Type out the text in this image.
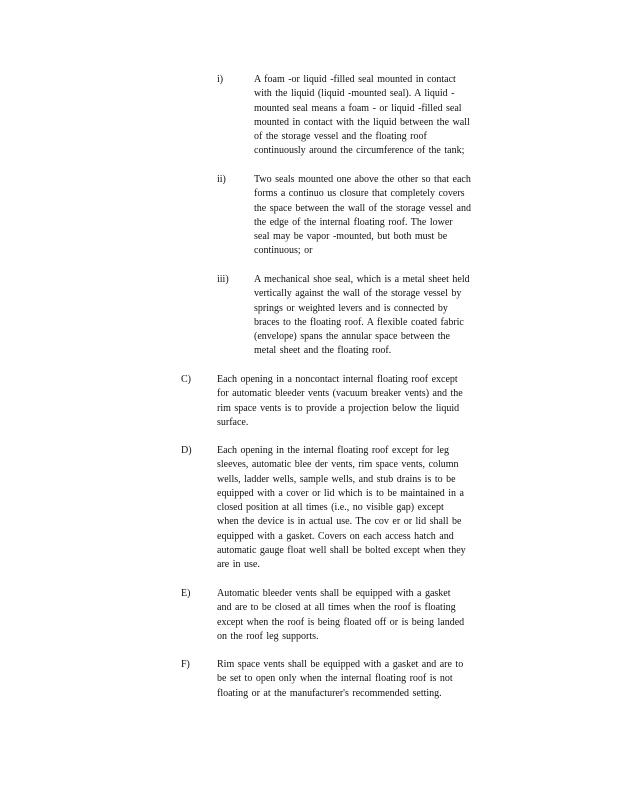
i)	A foam -or liquid -filled seal mounted in contact
with the liquid (liquid -mounted seal). A liquid -
mounted seal means a foam - or liquid -filled seal
mounted in contact with the liquid between the wall
of the storage vessel and the floating roof
continuously around the circumference of the tank;
ii)	Two seals mounted one above the other so that each
forms a continuo us closure that completely covers
the space between the wall of the storage vessel and
the edge of the internal floating roof. The lower
seal may be vapor -mounted, but both must be
continuous; or
iii)	A mechanical shoe seal, which is a metal sheet held
vertically against the wall of the storage vessel by
springs or weighted levers and is connected by
braces to the floating roof. A flexible coated fabric
(envelope) spans the annular space between the
metal sheet and the floating roof.
C)	Each opening in a noncontact internal floating roof except
for automatic bleeder vents (vacuum breaker vents) and the
rim space vents is to provide a projection below the liquid
surface.
D)	Each opening in the internal floating roof except for leg
sleeves, automatic blee der vents, rim space vents, column
wells, ladder wells, sample wells, and stub drains is to be
equipped with a cover or lid which is to be maintained in a
closed position at all times (i.e., no visible gap) except
when the device is in actual use. The cov er or lid shall be
equipped with a gasket. Covers on each access hatch and
automatic gauge float well shall be bolted except when they
are in use.
E)	Automatic bleeder vents shall be equipped with a gasket
and are to be closed at all times when the roof is floating
except when the roof is being floated off or is being landed
on the roof leg supports.
F)	Rim space vents shall be equipped with a gasket and are to
be set to open only when the internal floating roof is not
floating or at the manufacturer's recommended setting.
